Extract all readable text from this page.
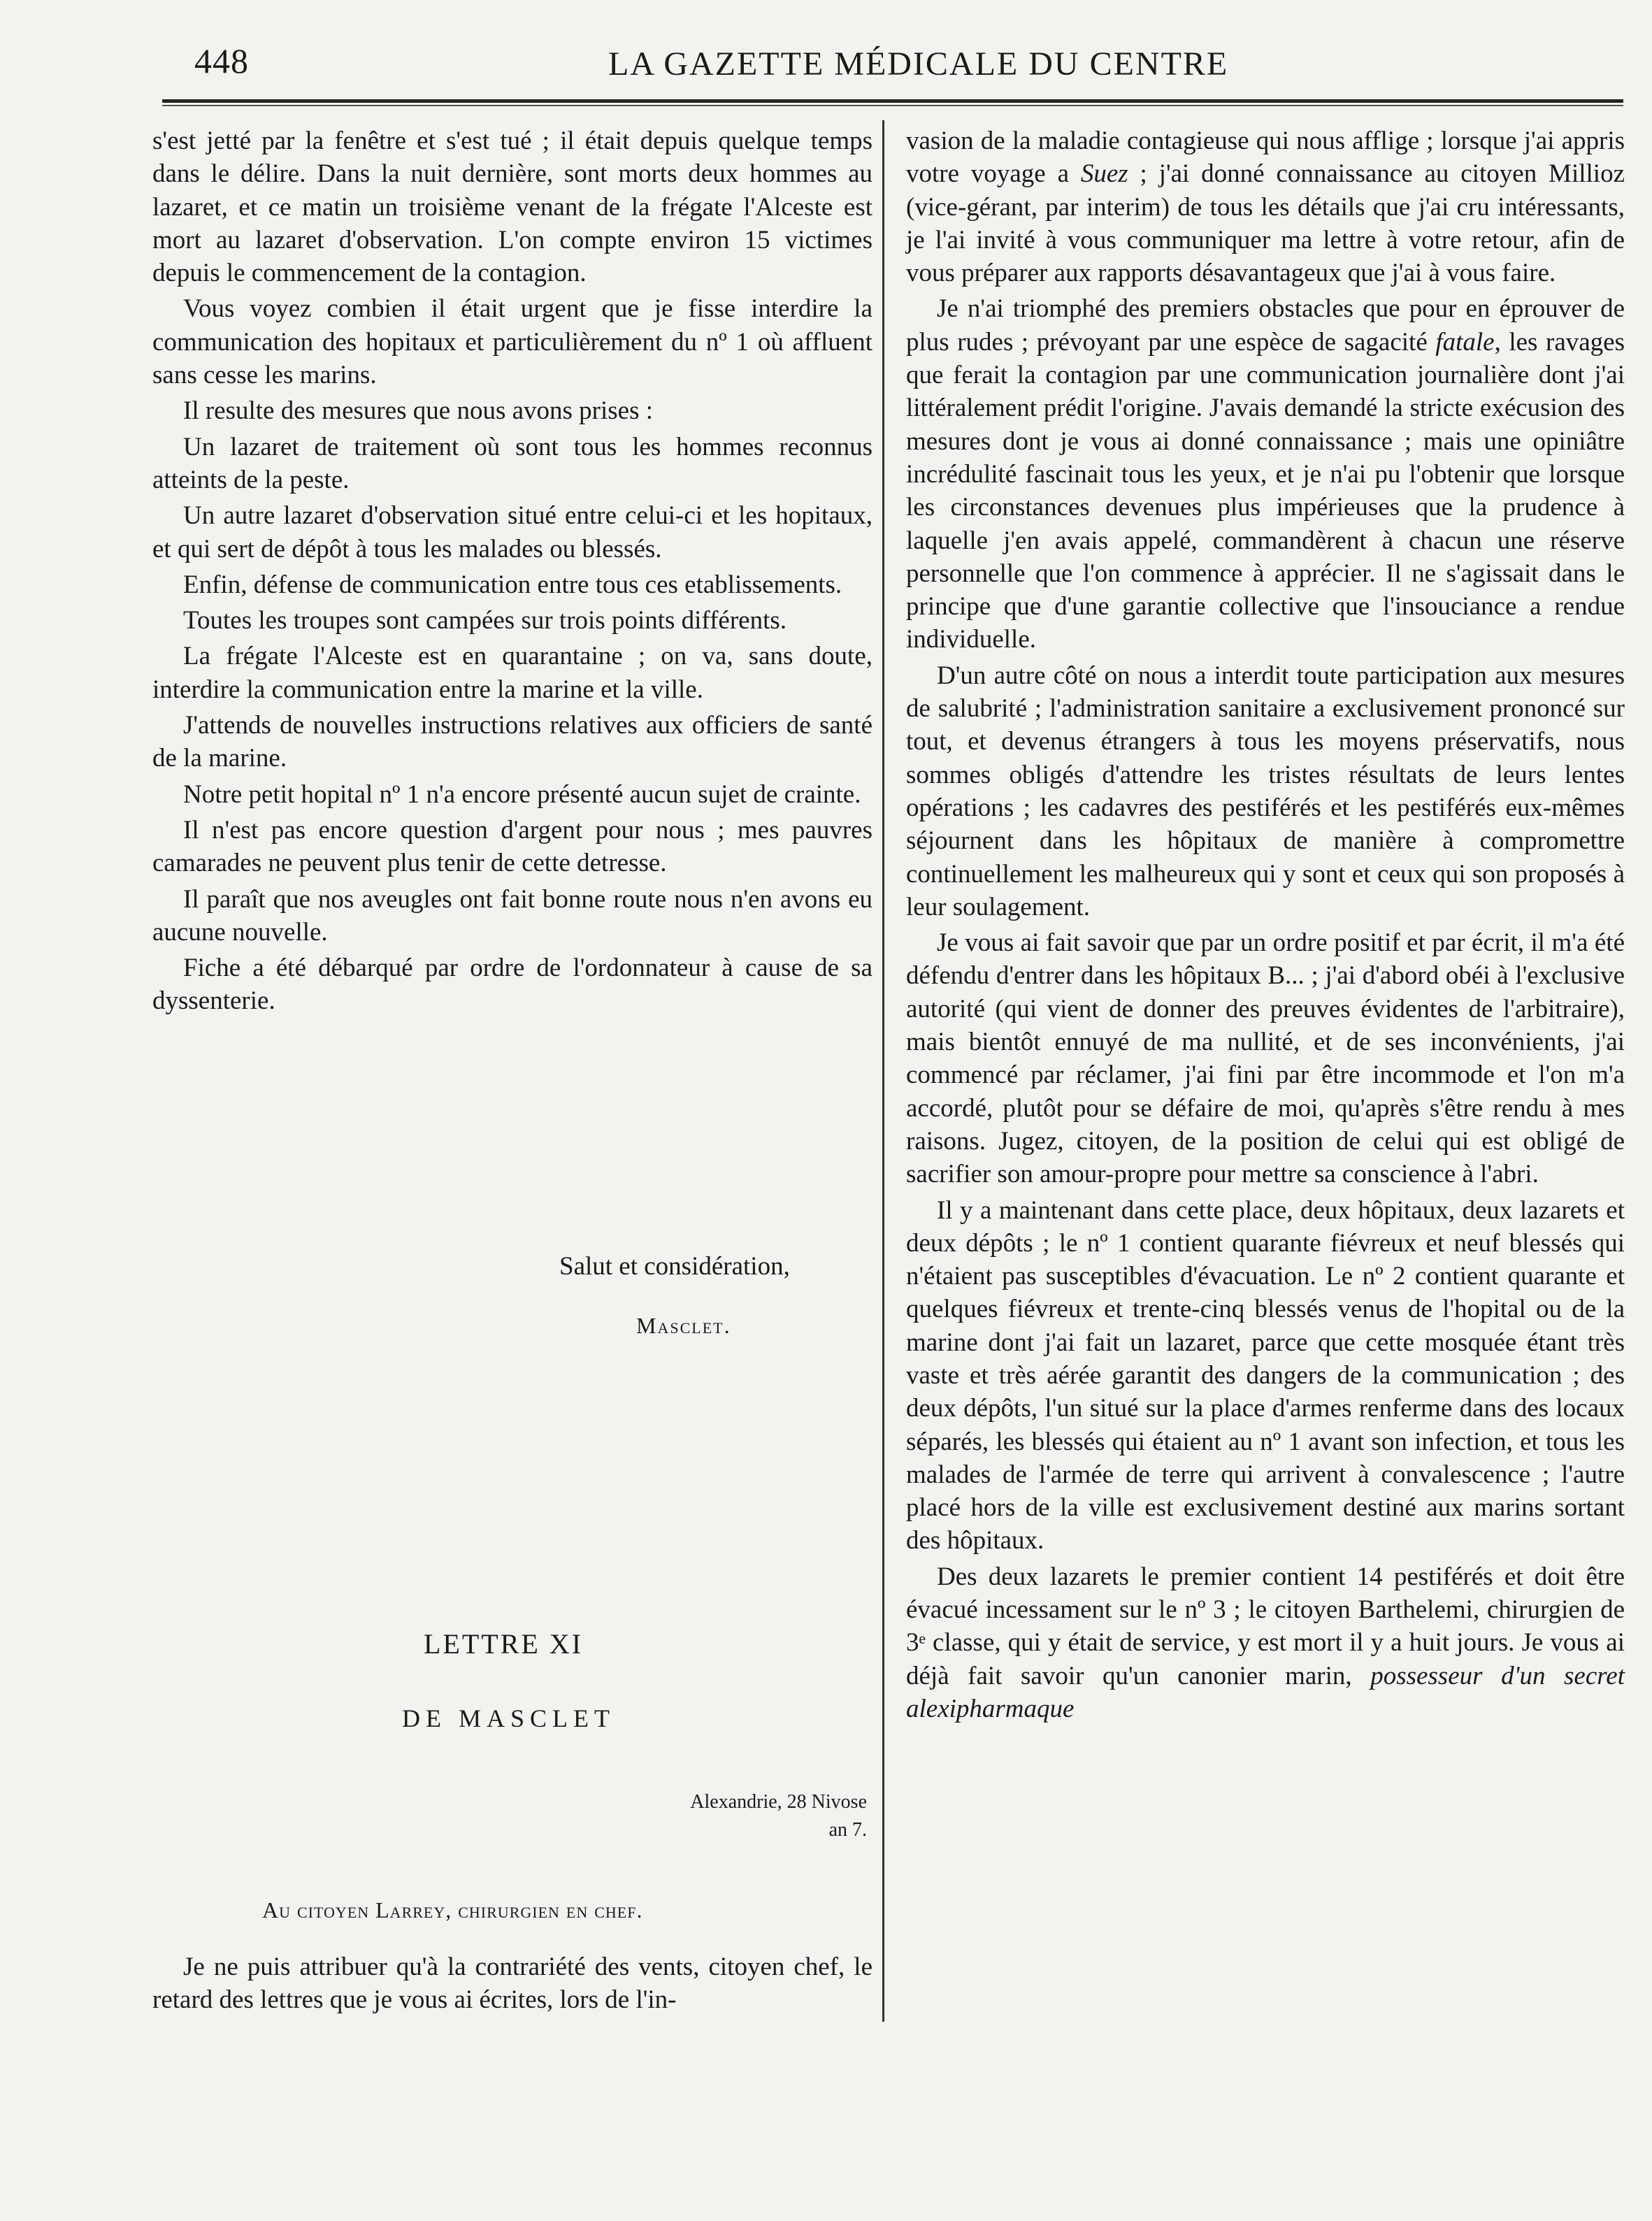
448	LA GAZETTE MÉDICALE DU CENTRE

s'est jetté par la fenêtre et s'est tué ; il était depuis quelque temps dans le délire. Dans la nuit dernière, sont morts deux hommes au lazaret, et ce matin un troisième venant de la frégate l'Alceste est mort au lazaret d'observation. L'on compte environ 15 victimes depuis le commencement de la contagion.

Vous voyez combien il était urgent que je fisse interdire la communication des hopitaux et particulièrement du nº 1 où affluent sans cesse les marins.

Il resulte des mesures que nous avons prises :

Un lazaret de traitement où sont tous les hommes reconnus atteints de la peste.

Un autre lazaret d'observation situé entre celui-ci et les hopitaux, et qui sert de dépôt à tous les malades ou blessés.

Enfin, défense de communication entre tous ces etablissements.

Toutes les troupes sont campées sur trois points différents.

La frégate l'Alceste est en quarantaine ; on va, sans doute, interdire la communication entre la marine et la ville.

J'attends de nouvelles instructions relatives aux officiers de santé de la marine.

Notre petit hopital nº 1 n'a encore présenté aucun sujet de crainte.

Il n'est pas encore question d'argent pour nous ; mes pauvres camarades ne peuvent plus tenir de cette detresse.

Il paraît que nos aveugles ont fait bonne route nous n'en avons eu aucune nouvelle.

Fiche a été débarqué par ordre de l'ordonnateur à cause de sa dyssenterie.

Salut et considération,
Masclet.
LETTRE XI
DE MASCLET
Alexandrie, 28 Nivose
an 7.
Au citoyen Larrey, chirurgien en chef.

Je ne puis attribuer qu'à la contrariété des vents, citoyen chef, le retard des lettres que je vous ai écrites, lors de l'in-

vasion de la maladie contagieuse qui nous afflige ; lorsque j'ai appris votre voyage a Suez ; j'ai donné connaissance au citoyen Millioz (vice-gérant, par interim) de tous les détails que j'ai cru intéressants, je l'ai invité à vous communiquer ma lettre à votre retour, afin de vous préparer aux rapports désavantageux que j'ai à vous faire.

Je n'ai triomphé des premiers obstacles que pour en éprouver de plus rudes ; prévoyant par une espèce de sagacité fatale, les ravages que ferait la contagion par une communication journalière dont j'ai littéralement prédit l'origine. J'avais demandé la stricte exécusion des mesures dont je vous ai donné connaissance ; mais une opiniâtre incrédulité fascinait tous les yeux, et je n'ai pu l'obtenir que lorsque les circonstances devenues plus impérieuses que la prudence à laquelle j'en avais appelé, commandèrent à chacun une réserve personnelle que l'on commence à apprécier. Il ne s'agissait dans le principe que d'une garantie collective que l'insouciance a rendue individuelle.

D'un autre côté on nous a interdit toute participation aux mesures de salubrité ; l'administration sanitaire a exclusivement prononcé sur tout, et devenus étrangers à tous les moyens préservatifs, nous sommes obligés d'attendre les tristes résultats de leurs lentes opérations ; les cadavres des pestiférés et les pestiférés eux-mêmes séjournent dans les hôpitaux de manière à compromettre continuellement les malheureux qui y sont et ceux qui son proposés à leur soulagement.

Je vous ai fait savoir que par un ordre positif et par écrit, il m'a été défendu d'entrer dans les hôpitaux B... ; j'ai d'abord obéi à l'exclusive autorité (qui vient de donner des preuves évidentes de l'arbitraire), mais bientôt ennuyé de ma nullité, et de ses inconvénients, j'ai commencé par réclamer, j'ai fini par être incommode et l'on m'a accordé, plutôt pour se défaire de moi, qu'après s'être rendu à mes raisons. Jugez, citoyen, de la position de celui qui est obligé de sacrifier son amour-propre pour mettre sa conscience à l'abri.

Il y a maintenant dans cette place, deux hôpitaux, deux lazarets et deux dépôts ; le nº 1 contient quarante fiévreux et neuf blessés qui n'étaient pas susceptibles d'évacuation. Le nº 2 contient quarante et quelques fiévreux et trente-cinq blessés venus de l'hopital ou de la marine dont j'ai fait un lazaret, parce que cette mosquée étant très vaste et très aérée garantit des dangers de la communication ; des deux dépôts, l'un situé sur la place d'armes renferme dans des locaux séparés, les blessés qui étaient au nº 1 avant son infection, et tous les malades de l'armée de terre qui arrivent à convalescence ; l'autre placé hors de la ville est exclusivement destiné aux marins sortant des hôpitaux.

Des deux lazarets le premier contient 14 pestiférés et doit être évacué incessament sur le nº 3 ; le citoyen Barthelemi, chirurgien de 3ᵉ classe, qui y était de service, y est mort il y a huit jours. Je vous ai déjà fait savoir qu'un canonier marin, possesseur d'un secret alexipharmaque
